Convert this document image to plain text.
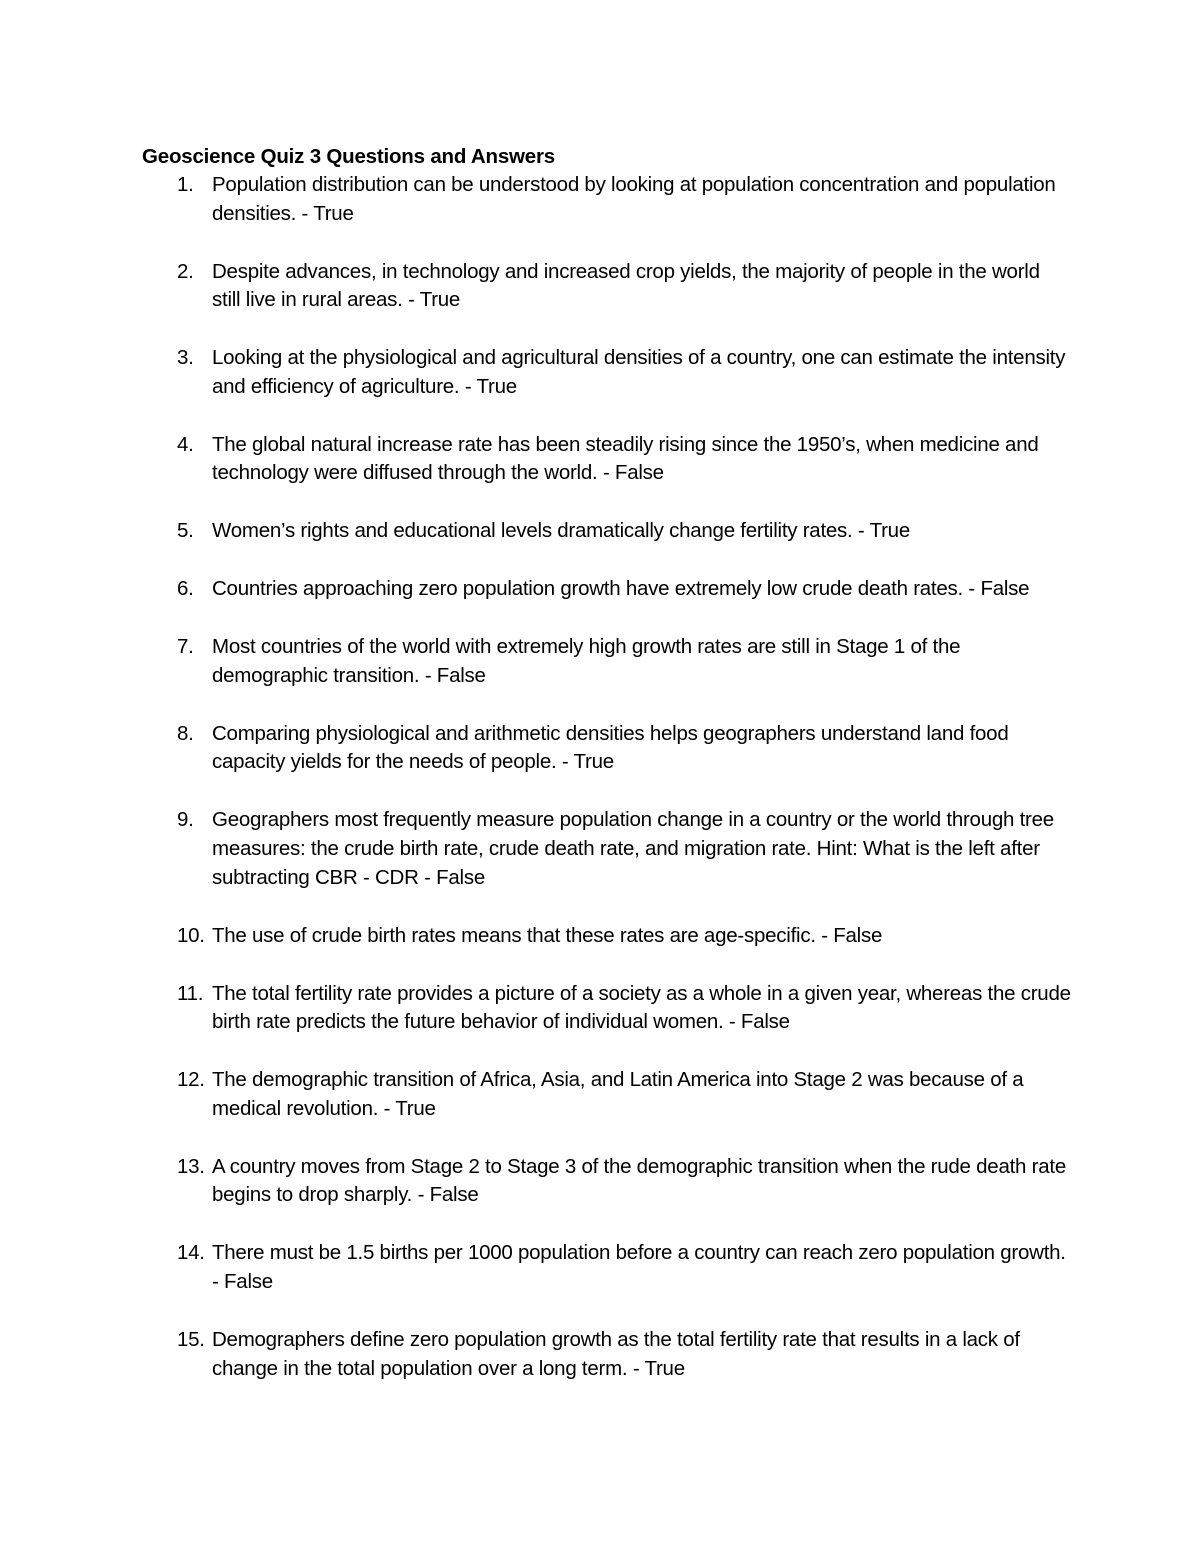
Geoscience Quiz 3 Questions and Answers
1. Population distribution can be understood by looking at population concentration and population densities. - True
2. Despite advances, in technology and increased crop yields, the majority of people in the world still live in rural areas. - True
3. Looking at the physiological and agricultural densities of a country, one can estimate the intensity and efficiency of agriculture. - True
4. The global natural increase rate has been steadily rising since the 1950’s, when medicine and technology were diffused through the world. - False
5. Women’s rights and educational levels dramatically change fertility rates. - True
6. Countries approaching zero population growth have extremely low crude death rates. - False
7. Most countries of the world with extremely high growth rates are still in Stage 1 of the demographic transition. - False
8. Comparing physiological and arithmetic densities helps geographers understand land food capacity yields for the needs of people. - True
9. Geographers most frequently measure population change in a country or the world through tree measures: the crude birth rate, crude death rate, and migration rate. Hint: What is the left after subtracting CBR - CDR - False
10. The use of crude birth rates means that these rates are age-specific. - False
11. The total fertility rate provides a picture of a society as a whole in a given year, whereas the crude birth rate predicts the future behavior of individual women. - False
12. The demographic transition of Africa, Asia, and Latin America into Stage 2 was because of a medical revolution. - True
13. A country moves from Stage 2 to Stage 3 of the demographic transition when the rude death rate begins to drop sharply. - False
14. There must be 1.5 births per 1000 population before a country can reach zero population growth. - False
15. Demographers define zero population growth as the total fertility rate that results in a lack of change in the total population over a long term. - True
